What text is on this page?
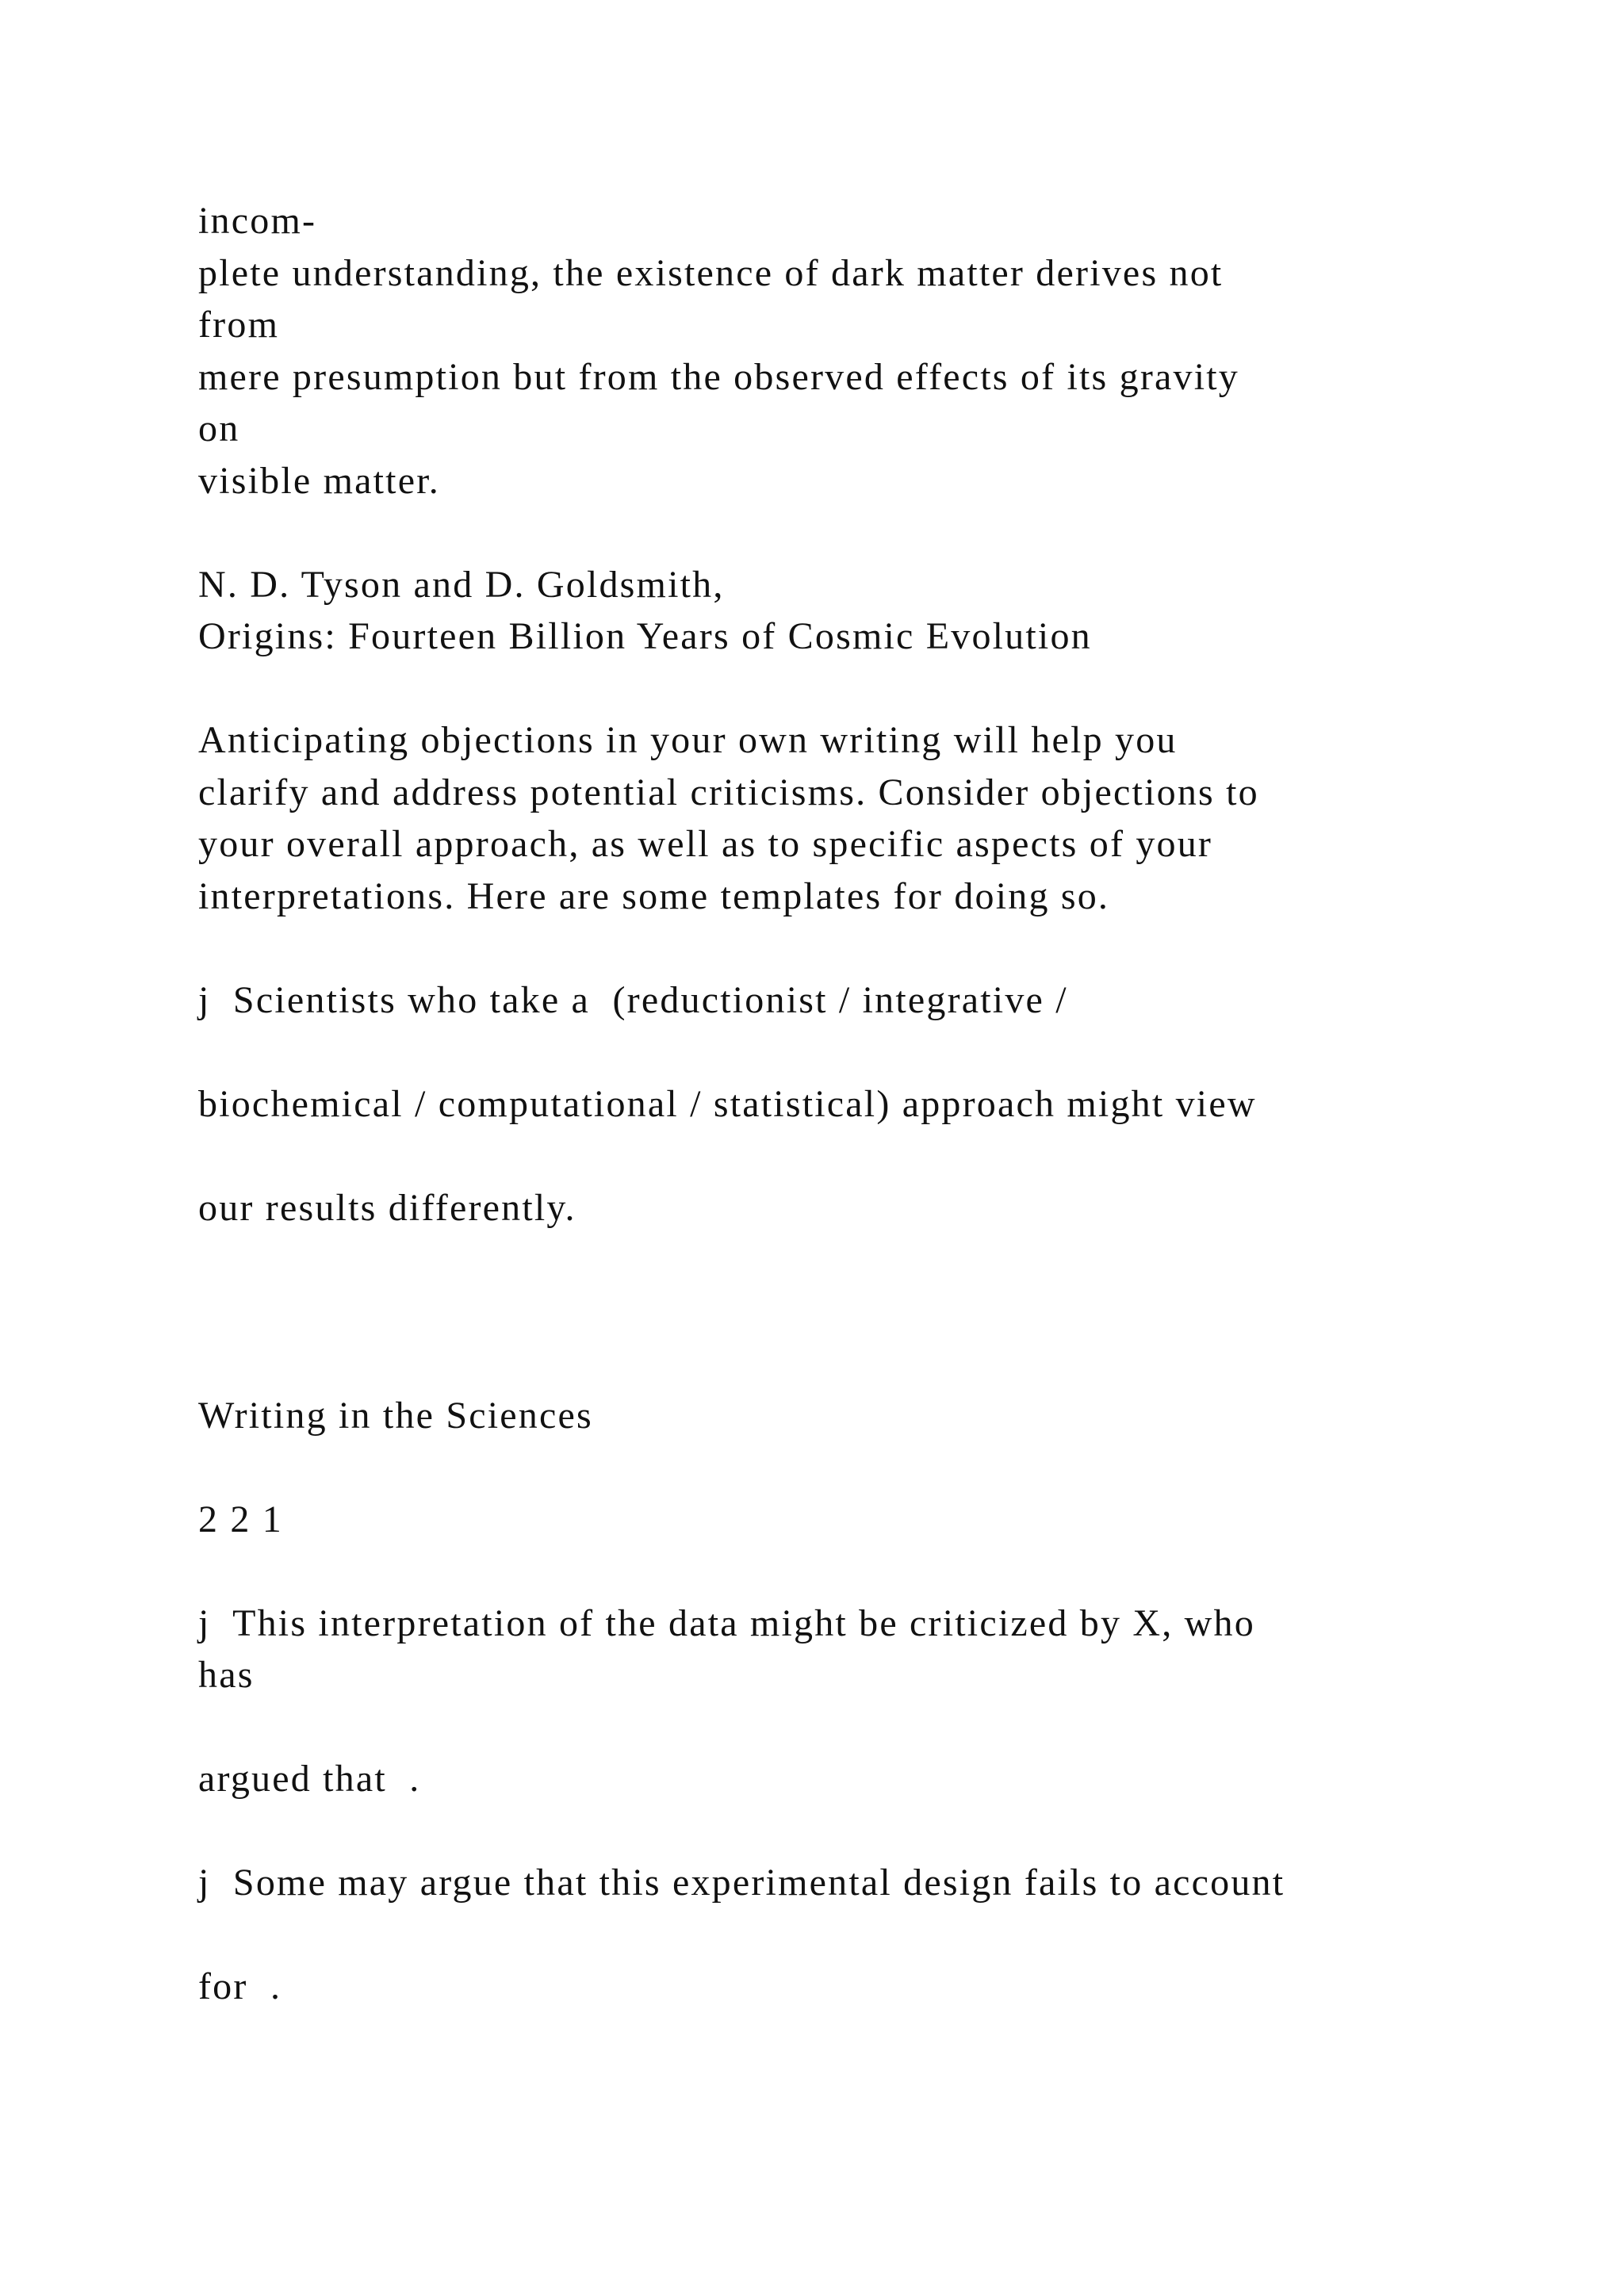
incom-
plete understanding, the existence of dark matter derives not
from
mere presumption but from the observed effects of its gravity
on
visible matter.
N. D. Tyson and D. Goldsmith,
Origins: Fourteen Billion Years of Cosmic Evolution
Anticipating objections in your own writing will help you
clarify and address potential criticisms. Consider objections to
your overall approach, as well as to specific aspects of your
interpretations. Here are some templates for doing so.
j  Scientists who take a  (reductionist / integrative /
biochemical / computational / statistical) approach might view
our results differently.
Writing in the Sciences
2 2 1
j  This interpretation of the data might be criticized by X, who
has
argued that  .
j  Some may argue that this experimental design fails to account
for  .
